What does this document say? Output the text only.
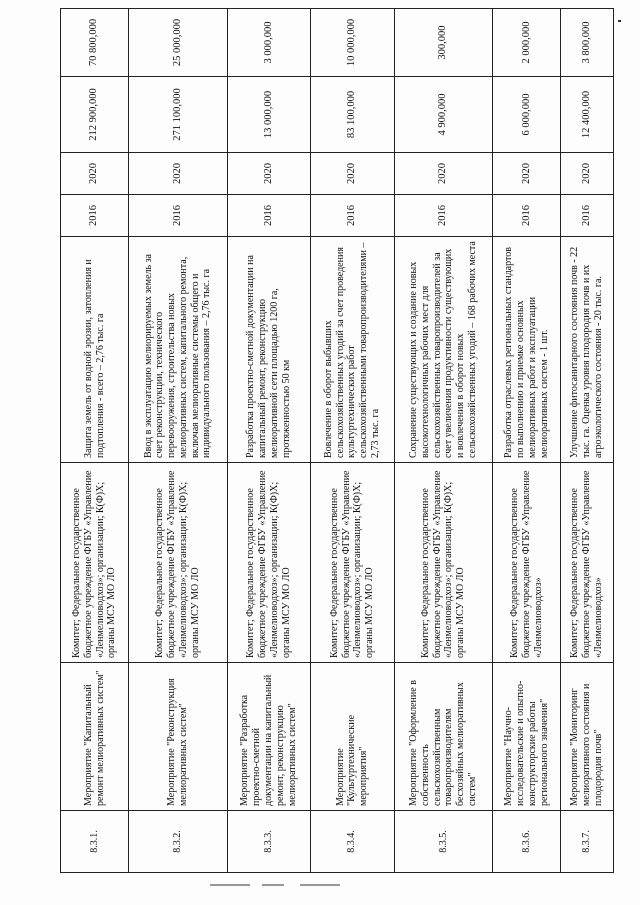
8.3.1.	Мероприятие "Капитальный ремонт мелиоративных систем"	Комитет; Федеральное государственное бюджетное учреждение ФГБУ «Управление «Ленмелиоводхоз»; организации; К(Ф)Х; органы МСУ МО ЛО	Защита земель от водной эрозии, затопления и подтопления - всего – 2,76 тыс. га	2016	2020	212 900,000	70 800,000
8.3.2.	Мероприятие "Реконструкция мелиоративных систем"	Комитет; Федеральное государственное бюджетное учреждение ФГБУ «Управление «Ленмелиоводхоз»; организации; К(Ф)Х; органы МСУ МО ЛО	Ввод в эксплуатацию мелиорируемых земель за счет реконструкции, технического перевооружения, строительства новых мелиоративных систем, капитального ремонта, включая мелиоративные системы общего и индивидуального пользования – 2,76 тыс. га	2016	2020	271 100,000	25 000,000
8.3.3.	Мероприятие "Разработка проектно-сметной документации на капитальный ремонт, реконструкцию мелиоративных систем"	Комитет; Федеральное государственное бюджетное учреждение ФГБУ «Управление «Ленмелиоводхоз»; организации; К(Ф)Х; органы МСУ МО ЛО	Разработка проектно-сметной документации на капитальный ремонт, реконструкцию мелиоративной сети площадью 1200 га, протяженностью 50 км	2016	2020	13 000,000	3 000,000
8.3.4.	Мероприятие "Культуртехнические мероприятия"	Комитет; Федеральное государственное бюджетное учреждение ФГБУ «Управление «Ленмелиоводхоз»; организации; К(Ф)Х; органы МСУ МО ЛО	Вовлечение в оборот выбывших сельскохозяйственных угодий за счет проведения культуртехнических работ сельскохозяйственными товаропроизводителями – 2,73 тыс. га	2016	2020	83 100,000	10 000,000
8.3.5.	Мероприятие "Оформление в собственность сельскохозяйственным товаропроизводителям бесхозяйных мелиоративных систем"	Комитет; Федеральное государственное бюджетное учреждение ФГБУ «Управление «Ленмелиоводхоз»; организации; К(Ф)Х; органы МСУ МО ЛО	Сохранение существующих и создание новых высокотехнологичных рабочих мест для сельскохозяйственных товаропроизводителей за счет увеличения продуктивности существующих и вовлечения в оборот новых сельскохозяйственных угодий – 168 рабочих места	2016	2020	4 900,000	300,000
8.3.6.	Мероприятие "Научно-исследовательские и опытно-конструкторские работы регионального значения"	Комитет; Федеральное государственное бюджетное учреждение ФГБУ «Управление «Ленмелиоводхоз»	Разработка отраслевых региональных стандартов по выполнению и приемке основных мелиоративных работ и эксплуатации мелиоративных систем - 1 шт.	2016	2020	6 000,000	2 000,000
8.3.7.	Мероприятие "Мониторинг мелиоративного состояния и плодородия почв"	Комитет; Федеральное государственное бюджетное учреждение ФГБУ «Управление «Ленмелиоводхоз»	Улучшение фитосанитарного состояния почв - 22 тыс. га. Оценка уровня плодородия почв и их агроэкологического состояния - 20 тыс. га.	2016	2020	12 400,000	3 800,000
